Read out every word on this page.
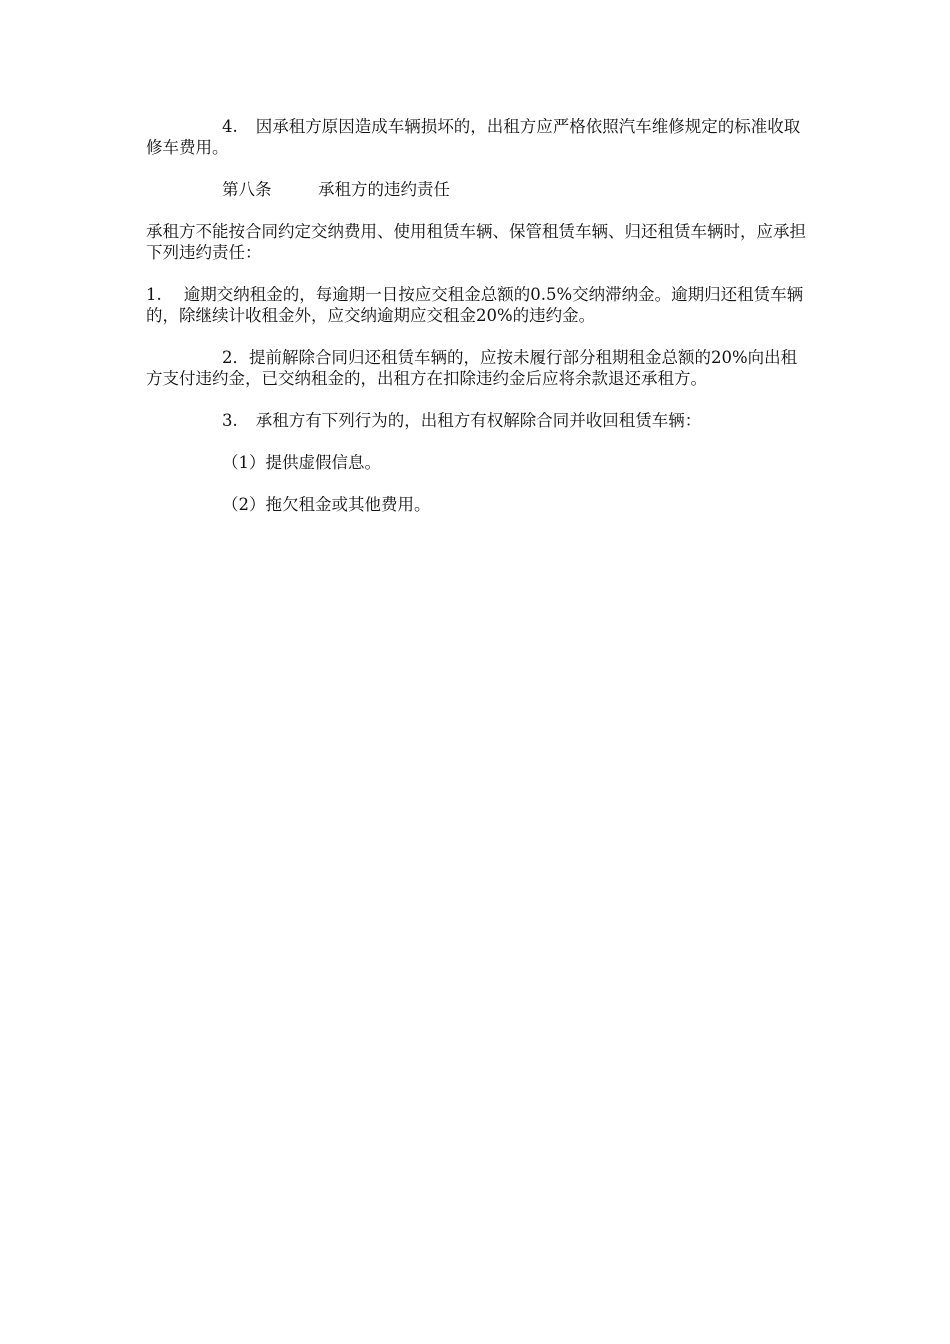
4. 因承租方原因造成车辆损坏的，出租方应严格依照汽车维修规定的标准收取修车费用。

第八条	承租方的违约责任

承租方不能按合同约定交纳费用、使用租赁车辆、保管租赁车辆、归还租赁车辆时，应承担下列违约责任：

1. 逾期交纳租金的，每逾期一日按应交租金总额的0.5%交纳滞纳金。逾期归还租赁车辆的，除继续计收租金外，应交纳逾期应交租金20%的违约金。

2．提前解除合同归还租赁车辆的，应按未履行部分租期租金总额的20%向出租方支付违约金，已交纳租金的，出租方在扣除违约金后应将余款退还承租方。

3. 承租方有下列行为的，出租方有权解除合同并收回租赁车辆：

（1）提供虚假信息。

（2）拖欠租金或其他费用。
